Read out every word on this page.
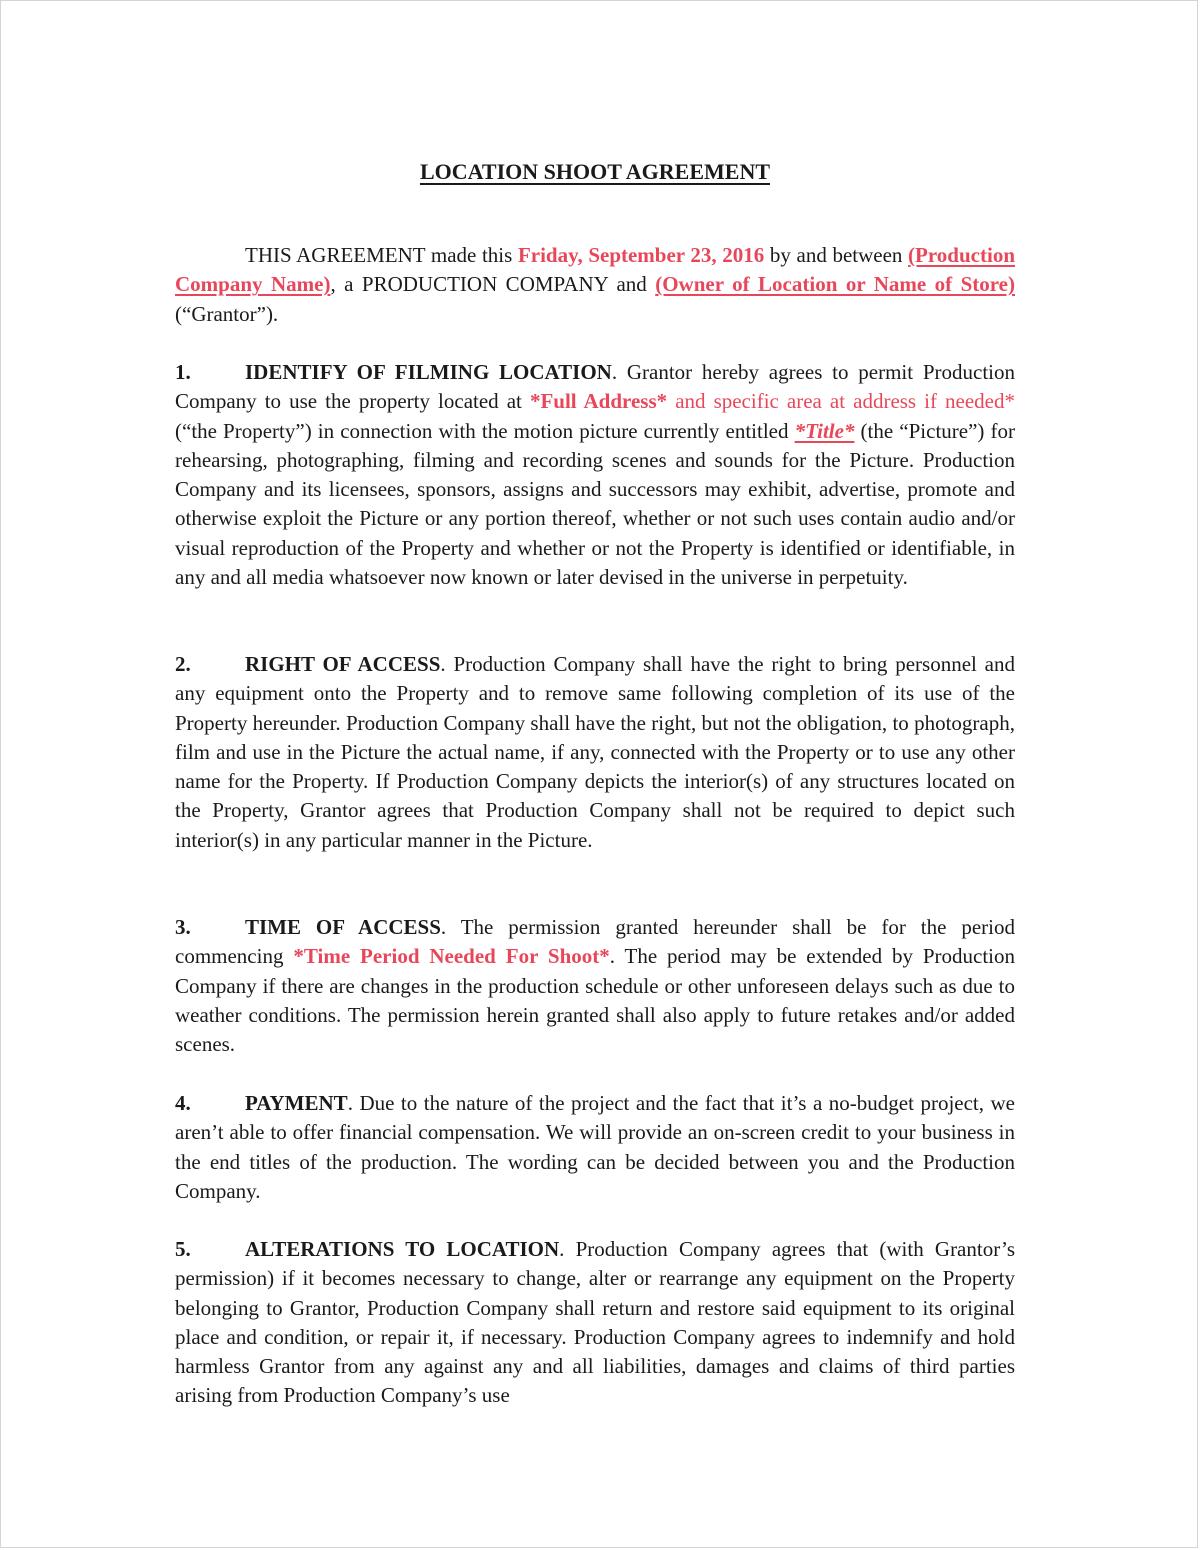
LOCATION SHOOT AGREEMENT

THIS AGREEMENT made this Friday, September 23, 2016 by and between (Production Company Name), a PRODUCTION COMPANY and (Owner of Location or Name of Store) (“Grantor”).

1.	IDENTIFY OF FILMING LOCATION. Grantor hereby agrees to permit Production Company to use the property located at *Full Address* and specific area at address if needed* (“the Property”) in connection with the motion picture currently entitled *Title* (the “Picture”) for rehearsing, photographing, filming and recording scenes and sounds for the Picture. Production Company and its licensees, sponsors, assigns and successors may exhibit, advertise, promote and otherwise exploit the Picture or any portion thereof, whether or not such uses contain audio and/or visual reproduction of the Property and whether or not the Property is identified or identifiable, in any and all media whatsoever now known or later devised in the universe in perpetuity.

2.	RIGHT OF ACCESS. Production Company shall have the right to bring personnel and any equipment onto the Property and to remove same following completion of its use of the Property hereunder. Production Company shall have the right, but not the obligation, to photograph, film and use in the Picture the actual name, if any, connected with the Property or to use any other name for the Property. If Production Company depicts the interior(s) of any structures located on the Property, Grantor agrees that Production Company shall not be required to depict such interior(s) in any particular manner in the Picture.

3.	TIME OF ACCESS. The permission granted hereunder shall be for the period commencing *Time Period Needed For Shoot*. The period may be extended by Production Company if there are changes in the production schedule or other unforeseen delays such as due to weather conditions. The permission herein granted shall also apply to future retakes and/or added scenes.

4.	PAYMENT. Due to the nature of the project and the fact that it’s a no-budget project, we aren’t able to offer financial compensation. We will provide an on-screen credit to your business in the end titles of the production. The wording can be decided between you and the Production Company.

5.	ALTERATIONS TO LOCATION. Production Company agrees that (with Grantor’s permission) if it becomes necessary to change, alter or rearrange any equipment on the Property belonging to Grantor, Production Company shall return and restore said equipment to its original place and condition, or repair it, if necessary. Production Company agrees to indemnify and hold harmless Grantor from any against any and all liabilities, damages and claims of third parties arising from Production Company’s use
